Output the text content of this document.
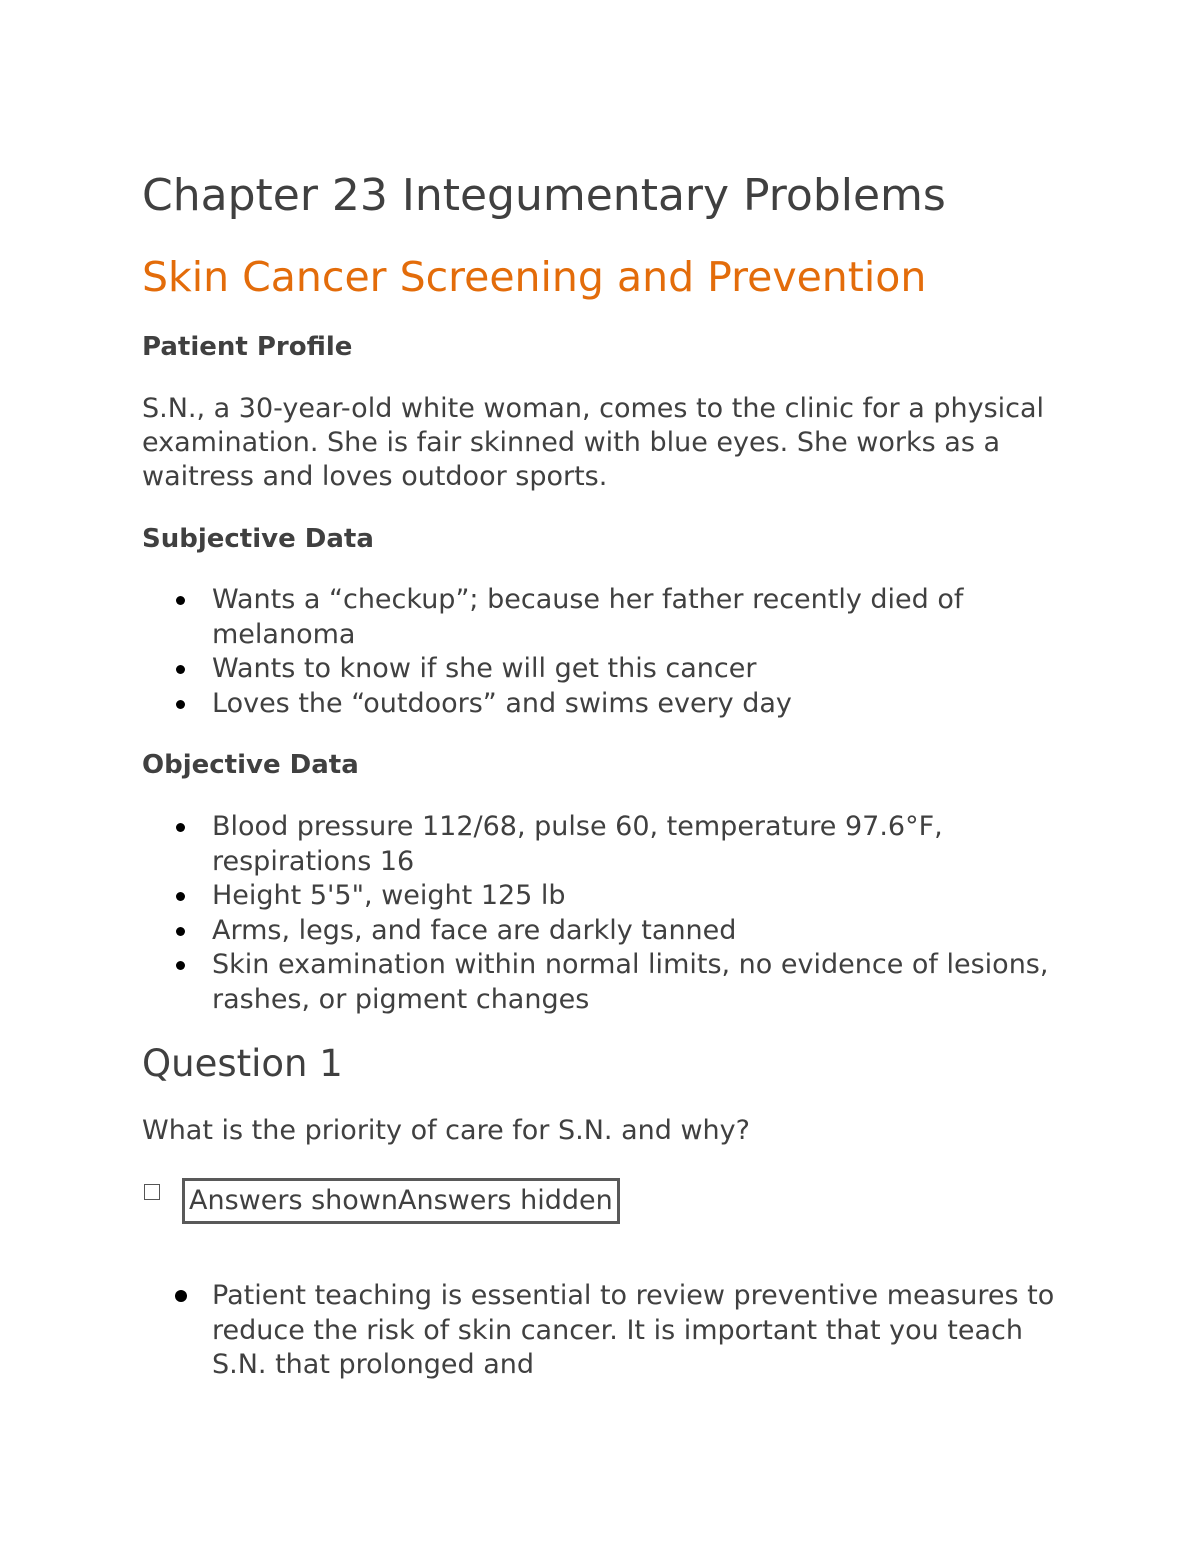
Chapter 23 Integumentary Problems
Skin Cancer Screening and Prevention
Patient Profile

S.N., a 30-year-old white woman, comes to the clinic for a physical examination. She is fair skinned with blue eyes. She works as a waitress and loves outdoor sports.

Subjective Data
Wants a “checkup”; because her father recently died of melanoma
Wants to know if she will get this cancer
Loves the “outdoors” and swims every day
Objective Data
Blood pressure 112/68, pulse 60, temperature 97.6°F, respirations 16
Height 5'5", weight 125 lb
Arms, legs, and face are darkly tanned
Skin examination within normal limits, no evidence of lesions, rashes, or pigment changes
Question 1

What is the priority of care for S.N. and why?

Answers shownAnswers hidden
Patient teaching is essential to review preventive measures to reduce the risk of skin cancer. It is important that you teach S.N. that prolonged and
